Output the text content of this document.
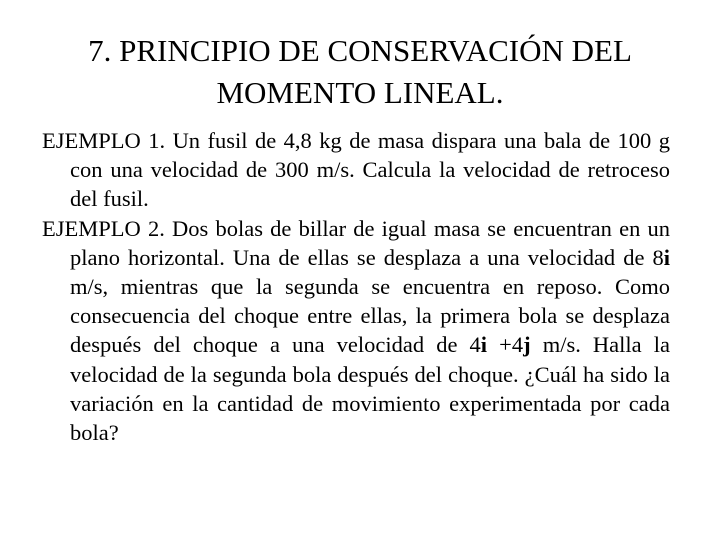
7. PRINCIPIO DE CONSERVACIÓN DEL
MOMENTO LINEAL.

EJEMPLO 1. Un fusil de 4,8 kg de masa dispara una bala de 100 g con una velocidad de 300 m/s. Calcula la velocidad de retroceso del fusil.

EJEMPLO 2. Dos bolas de billar de igual masa se encuentran en un plano horizontal. Una de ellas se desplaza a una velocidad de 8i m/s, mientras que la segunda se encuentra en reposo. Como consecuencia del choque entre ellas, la primera bola se desplaza después del choque a una velocidad de 4i +4j m/s. Halla la velocidad de la segunda bola después del choque. ¿Cuál ha sido la variación en la cantidad de movimiento experimentada por cada bola?
